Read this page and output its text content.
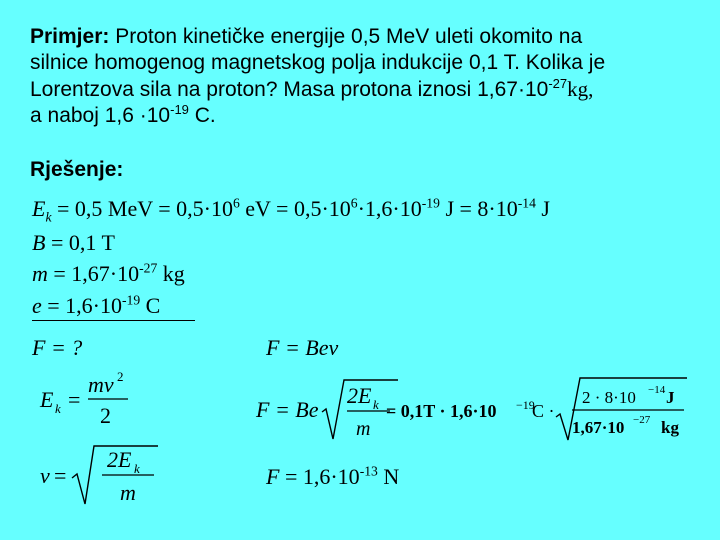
Primjer: Proton kinetičke energije 0,5 MeV uleti okomito na
silnice homogenog magnetskog polja indukcije 0,1 T. Kolika je
Lorentzova sila na proton? Masa protona iznosi $1,67\cdot 10^{-27}kg$,
a naboj $1,6 \cdot 10^{-19}$ C.
Rješenje:
$E_k = 0,5$ MeV = $0,5\cdot 10^6$ eV = $0,5\cdot 10^6\cdot 1,6\cdot 10^{-19}$ $J = 8\cdot 10^{-14}$ J
B = 0,1 T
$m = 1,67\cdot 10^{-27}$ kg
$e = 1,6\cdot 10^{-19}$ C
F = ?	F = Bev
E k =
mv 2
2
v =
2E k
m
F = Be
2E k
m
= 0,1T · 1,6·10 −19
C ·
2 · 8·10 −14 J
1,67·10 −27 kg
$F = 1,6\cdot 10^{-13}$ N
